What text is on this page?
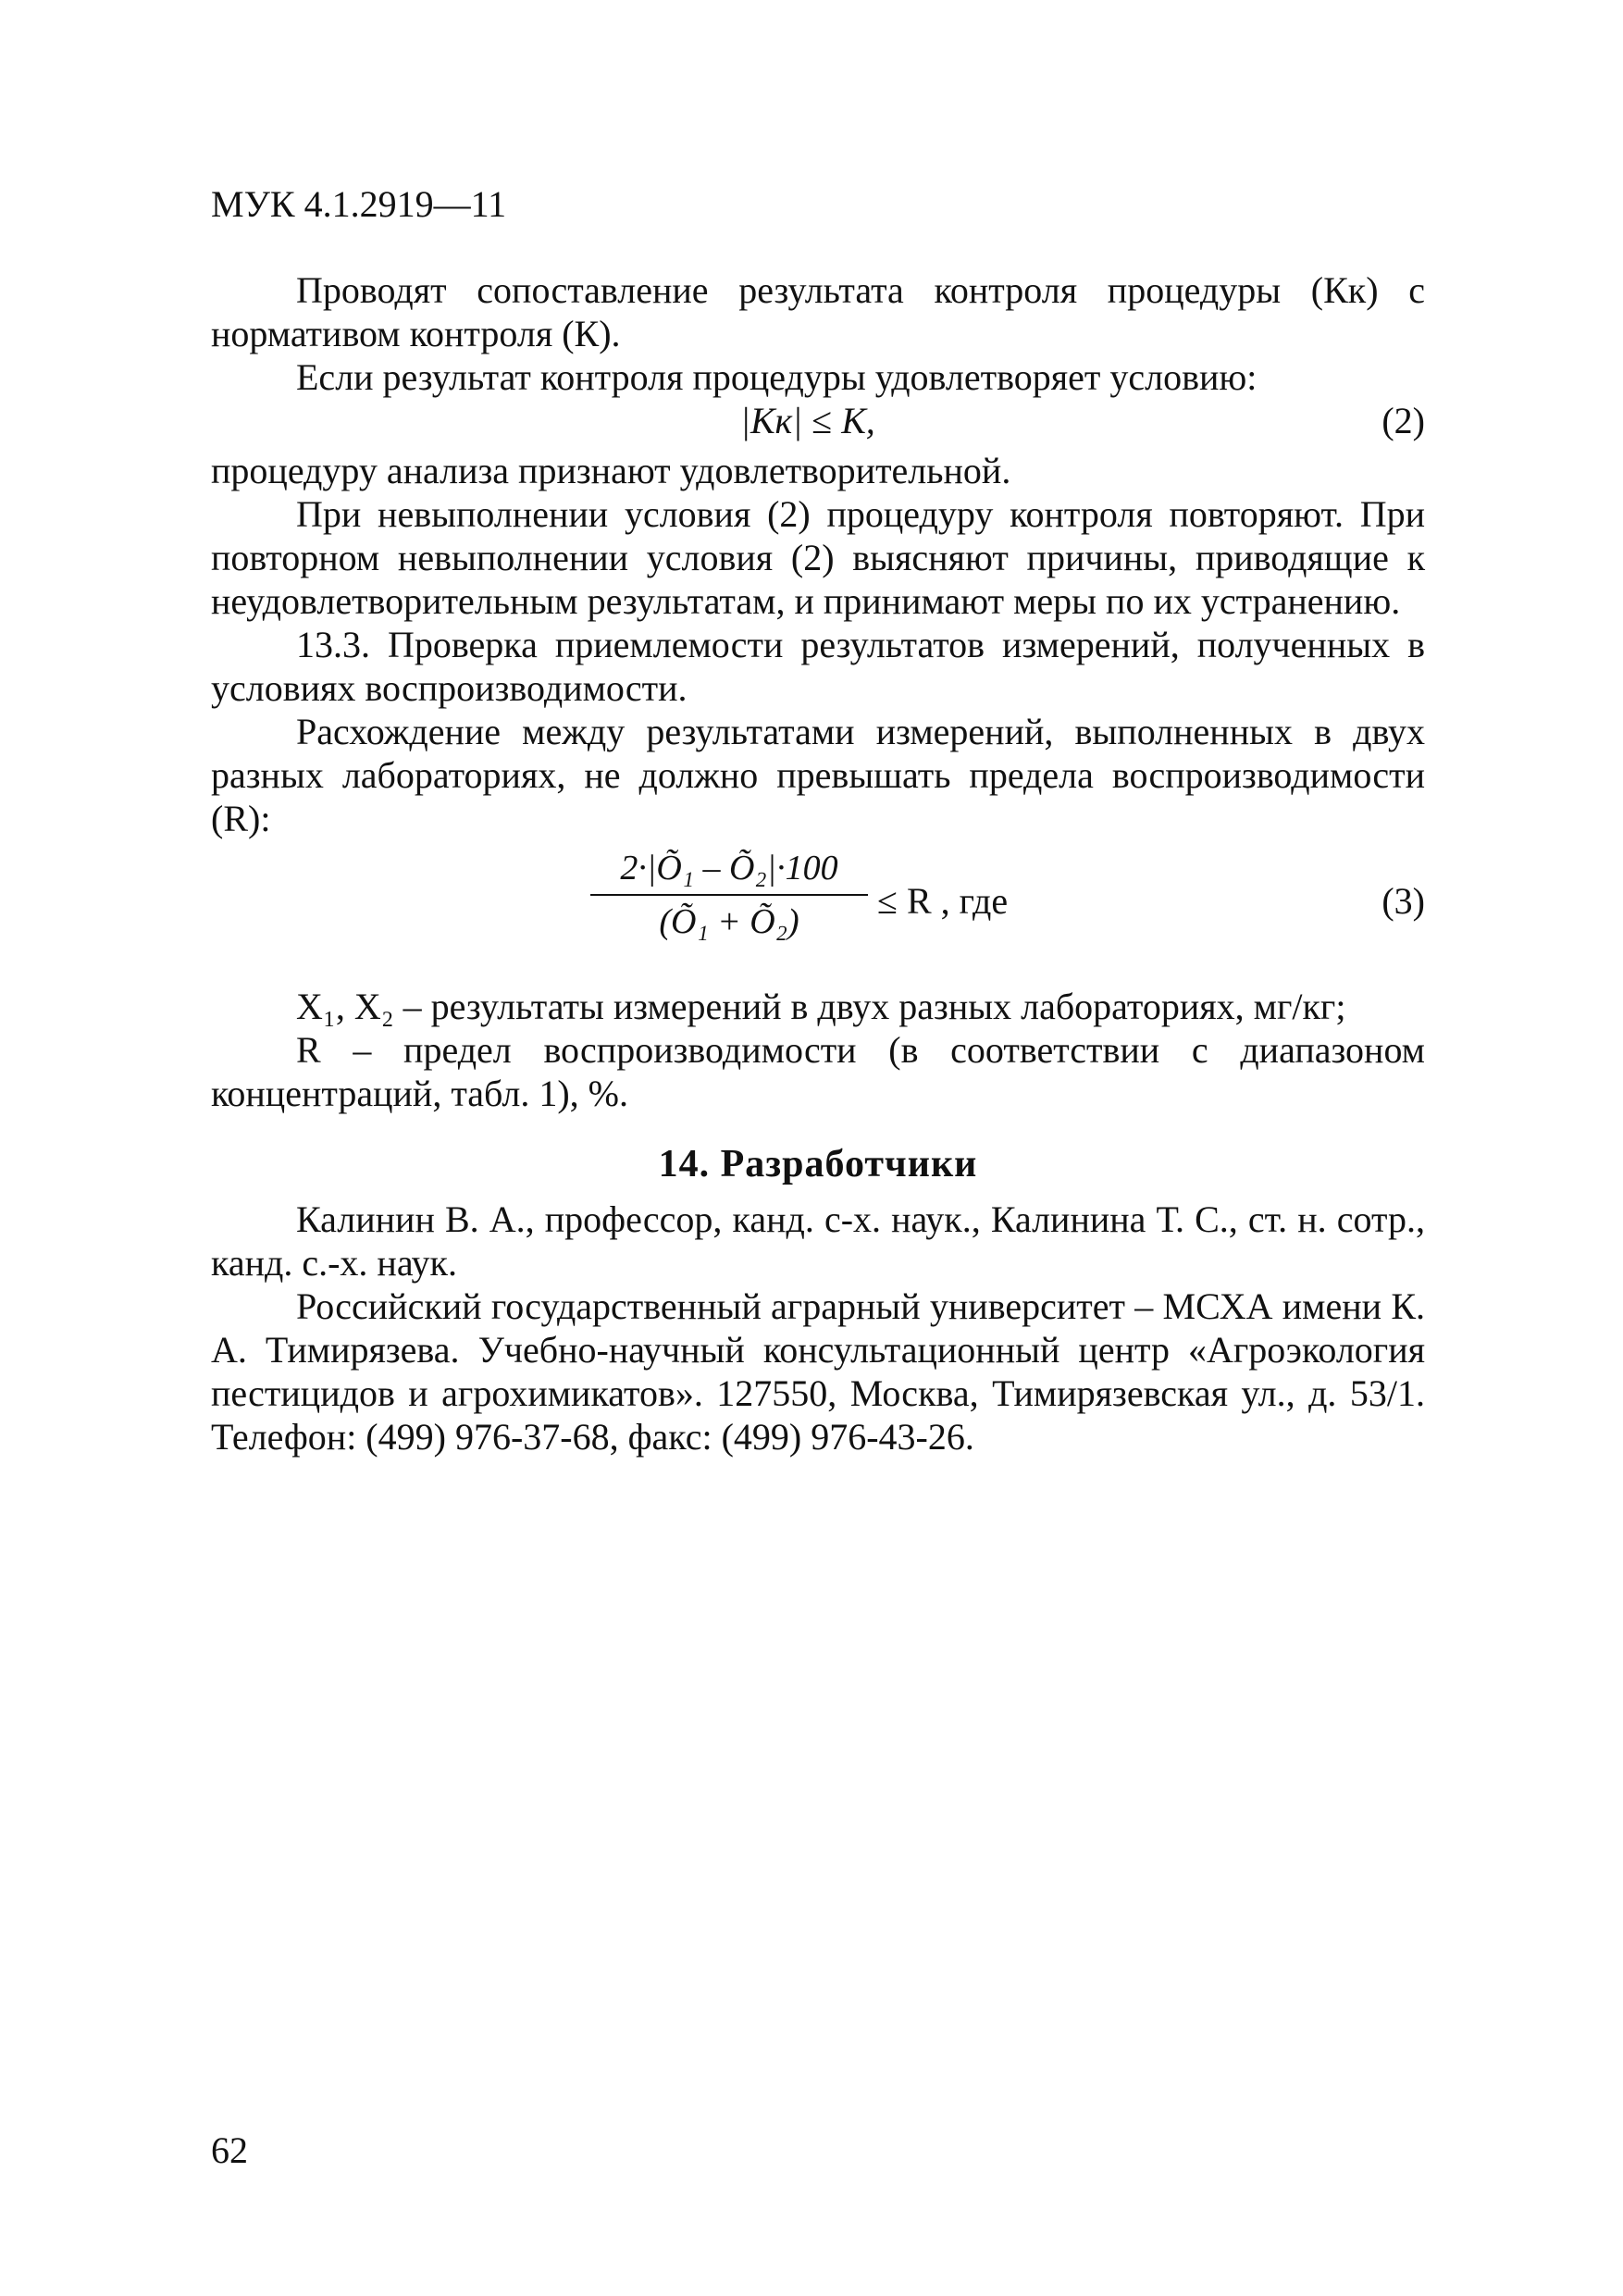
МУК 4.1.2919—11

Проводят сопоставление результата контроля процедуры (Кк) с нормативом контроля (К).

Если результат контроля процедуры удовлетворяет условию:

|Кк| ≤ К,	(2)

процедуру анализа признают удовлетворительной.

При невыполнении условия (2) процедуру контроля повторяют. При повторном невыполнении условия (2) выясняют причины, приводящие к неудовлетворительным результатам, и принимают меры по их устранению.

13.3. Проверка приемлемости результатов измерений, полученных в условиях воспроизводимости.

Расхождение между результатами измерений, выполненных в двух разных лабораториях, не должно превышать предела воспроизводимости (R):

2·|Õ₁ – Õ₂|·100
(Õ₁ + Õ₂)	≤ R , где	(3)

X₁, X₂ – результаты измерений в двух разных лабораториях, мг/кг;

R – предел воспроизводимости (в соответствии с диапазоном концентраций, табл. 1), %.

14. Разработчики

Калинин В. А., профессор, канд. с-х. наук., Калинина Т. С., ст. н. сотр., канд. с.-х. наук.

Российский государственный аграрный университет – МСХА имени К. А. Тимирязева. Учебно-научный консультационный центр «Агроэкология пестицидов и агрохимикатов». 127550, Москва, Тимирязевская ул., д. 53/1. Телефон: (499) 976-37-68, факс: (499) 976-43-26.

62
